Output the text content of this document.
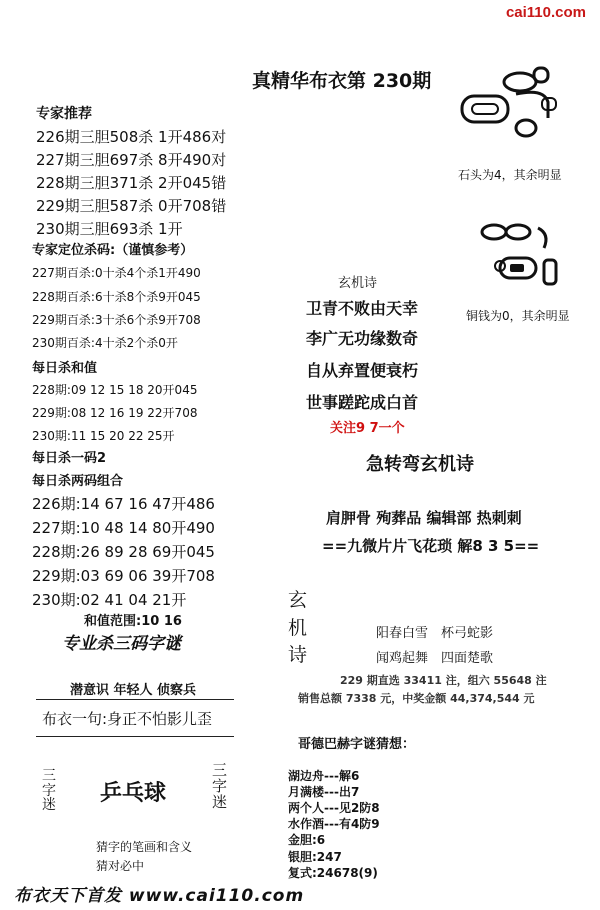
cai110.com
真精华布衣第 230期
专家推荐
226期三胆508杀 1开486对
227期三胆697杀 8开490对
228期三胆371杀 2开045错
229期三胆587杀 0开708错
230期三胆693杀 1开
专家定位杀码:（谨慎参考）
227期百杀:0十杀4个杀1开490
228期百杀:6十杀8个杀9开045
229期百杀:3十杀6个杀9开708
230期百杀:4十杀2个杀0开
每日杀和值
228期:09 12 15 18 20开045
229期:08 12 16 19 22开708
230期:11 15 20 22 25开
每日杀一码2
每日杀两码组合
226期:14 67 16 47开486
227期:10 48 14 80开490
228期:26 89 28 69开045
229期:03 69 06 39开708
230期:02 41 04 21开
和值范围:10 16
专业杀三码字谜
潜意识 年轻人 侦察兵
布衣一句:身正不怕影儿歪
三
字
迷 乒乓球
三
字
迷
猜字的笔画和含义
猜对必中
石头为4，其余明显
铜钱为0，其余明显
玄机诗
卫青不败由天幸
李广无功缘数奇
自从弃置便衰朽
世事蹉跎成白首
关注9 7一个
急转弯玄机诗
肩胛骨 殉葬品 编辑部 热刺刺
==九微片片飞花琐 解8 3 5==
玄
机
诗
阳春白雪　杯弓蛇影
闻鸡起舞　四面楚歌
229 期直选 33411 注，组六 55648 注
销售总额 7338 元，中奖金额 44,374,544 元
哥德巴赫字谜猜想：
湖边舟---解6
月满楼---出7
两个人---见2防8
水作酒---有4防9
金胆:6
银胆:247
复式:24678(9)
布衣天下首发 www.cai110.com
